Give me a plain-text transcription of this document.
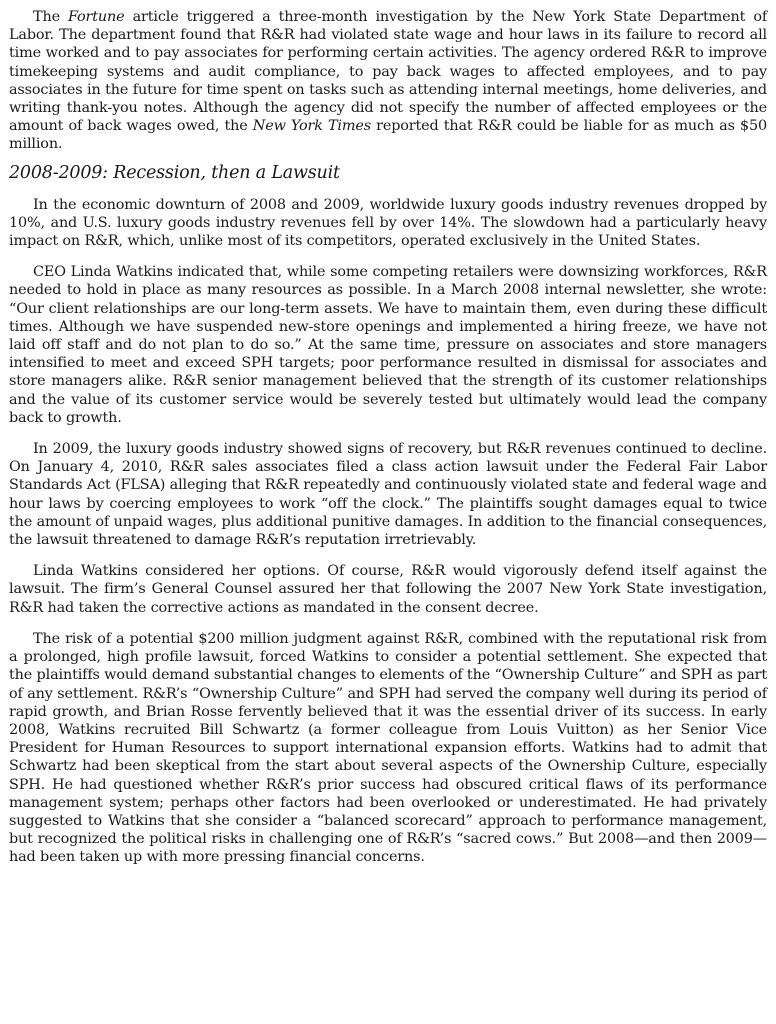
The Fortune article triggered a three-month investigation by the New York State Department of Labor. The department found that R&R had violated state wage and hour laws in its failure to record all time worked and to pay associates for performing certain activities. The agency ordered R&R to improve timekeeping systems and audit compliance, to pay back wages to affected employees, and to pay associates in the future for time spent on tasks such as attending internal meetings, home deliveries, and writing thank-you notes. Although the agency did not specify the number of affected employees or the amount of back wages owed, the New York Times reported that R&R could be liable for as much as $50 million.

2008-2009: Recession, then a Lawsuit

In the economic downturn of 2008 and 2009, worldwide luxury goods industry revenues dropped by 10%, and U.S. luxury goods industry revenues fell by over 14%. The slowdown had a particularly heavy impact on R&R, which, unlike most of its competitors, operated exclusively in the United States.

CEO Linda Watkins indicated that, while some competing retailers were downsizing workforces, R&R needed to hold in place as many resources as possible. In a March 2008 internal newsletter, she wrote: “Our client relationships are our long-term assets. We have to maintain them, even during these difficult times. Although we have suspended new-store openings and implemented a hiring freeze, we have not laid off staff and do not plan to do so.” At the same time, pressure on associates and store managers intensified to meet and exceed SPH targets; poor performance resulted in dismissal for associates and store managers alike. R&R senior management believed that the strength of its customer relationships and the value of its customer service would be severely tested but ultimately would lead the company back to growth.

In 2009, the luxury goods industry showed signs of recovery, but R&R revenues continued to decline. On January 4, 2010, R&R sales associates filed a class action lawsuit under the Federal Fair Labor Standards Act (FLSA) alleging that R&R repeatedly and continuously violated state and federal wage and hour laws by coercing employees to work “off the clock.” The plaintiffs sought damages equal to twice the amount of unpaid wages, plus additional punitive damages. In addition to the financial consequences, the lawsuit threatened to damage R&R’s reputation irretrievably.

Linda Watkins considered her options. Of course, R&R would vigorously defend itself against the lawsuit. The firm’s General Counsel assured her that following the 2007 New York State investigation, R&R had taken the corrective actions as mandated in the consent decree.

The risk of a potential $200 million judgment against R&R, combined with the reputational risk from a prolonged, high profile lawsuit, forced Watkins to consider a potential settlement. She expected that the plaintiffs would demand substantial changes to elements of the “Ownership Culture” and SPH as part of any settlement. R&R’s “Ownership Culture” and SPH had served the company well during its period of rapid growth, and Brian Rosse fervently believed that it was the essential driver of its success. In early 2008, Watkins recruited Bill Schwartz (a former colleague from Louis Vuitton) as her Senior Vice President for Human Resources to support international expansion efforts. Watkins had to admit that Schwartz had been skeptical from the start about several aspects of the Ownership Culture, especially SPH. He had questioned whether R&R’s prior success had obscured critical flaws of its performance management system; perhaps other factors had been overlooked or underestimated. He had privately suggested to Watkins that she consider a “balanced scorecard” approach to performance management, but recognized the political risks in challenging one of R&R’s “sacred cows.” But 2008—and then 2009—had been taken up with more pressing financial concerns.
